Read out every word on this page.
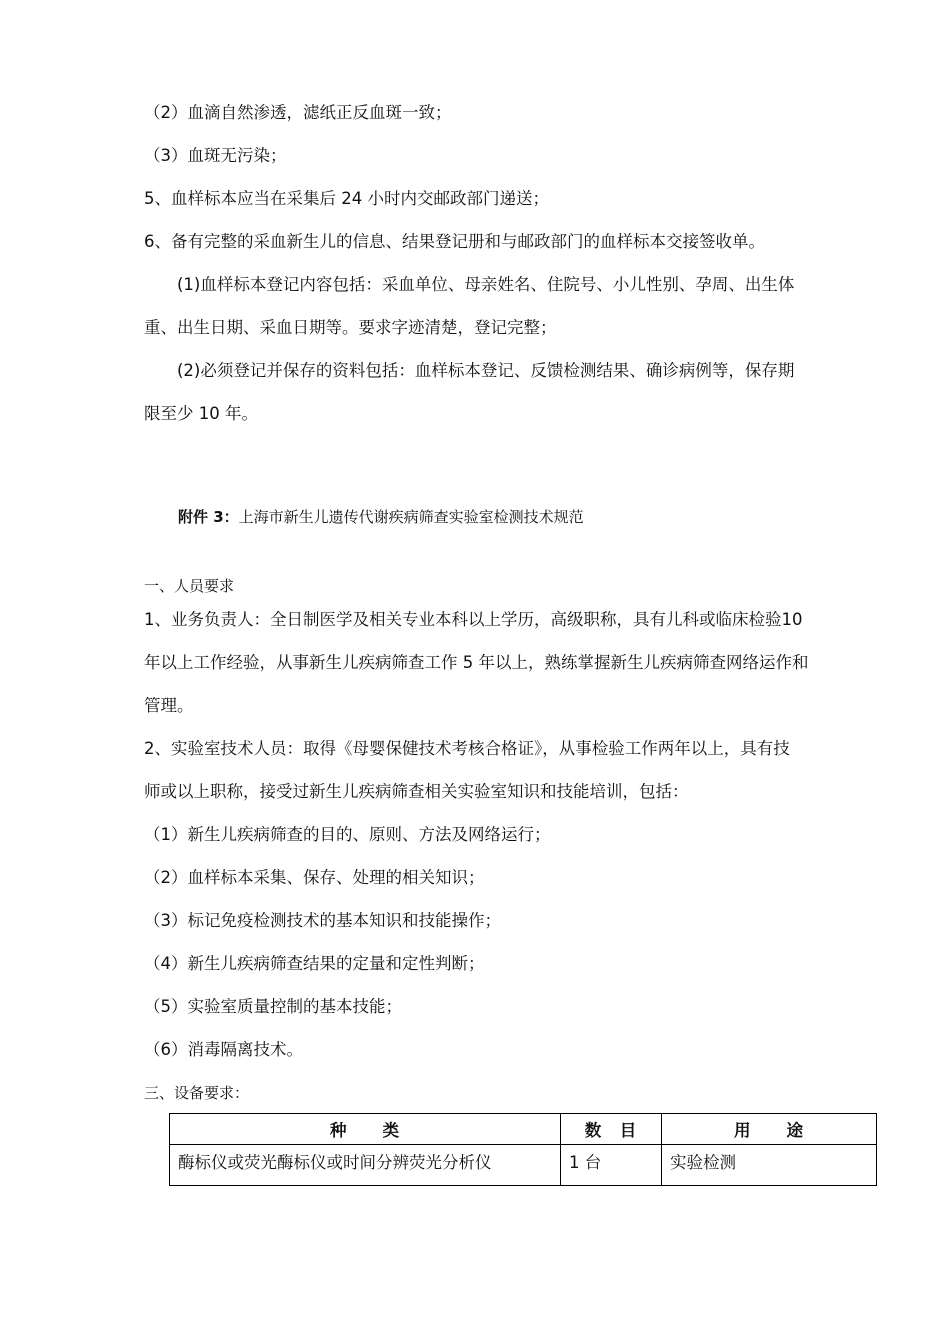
（2）血滴自然渗透，滤纸正反血斑一致；

（3）血斑无污染；

5、血样标本应当在采集后 24 小时内交邮政部门递送；

6、备有完整的采血新生儿的信息、结果登记册和与邮政部门的血样标本交接签收单。

(1)血样标本登记内容包括：采血单位、母亲姓名、住院号、小儿性别、孕周、出生体

重、出生日期、采血日期等。要求字迹清楚，登记完整；

(2)必须登记并保存的资料包括：血样标本登记、反馈检测结果、确诊病例等，保存期

限至少 10 年。

附件 3：上海市新生儿遗传代谢疾病筛查实验室检测技术规范

一、人员要求

1、业务负责人：全日制医学及相关专业本科以上学历，高级职称，具有儿科或临床检验10

年以上工作经验，从事新生儿疾病筛查工作 5 年以上，熟练掌握新生儿疾病筛查网络运作和

管理。

2、实验室技术人员：取得《母婴保健技术考核合格证》，从事检验工作两年以上，具有技

师或以上职称，接受过新生儿疾病筛查相关实验室知识和技能培训，包括：

（1）新生儿疾病筛查的目的、原则、方法及网络运行；

（2）血样标本采集、保存、处理的相关知识；

（3）标记免疫检测技术的基本知识和技能操作；

（4）新生儿疾病筛查结果的定量和定性判断；

（5）实验室质量控制的基本技能；

（6）消毒隔离技术。

三、设备要求：

种　　类	数　目	用　　途
酶标仪或荧光酶标仪或时间分辨荧光分析仪	1 台	实验检测
